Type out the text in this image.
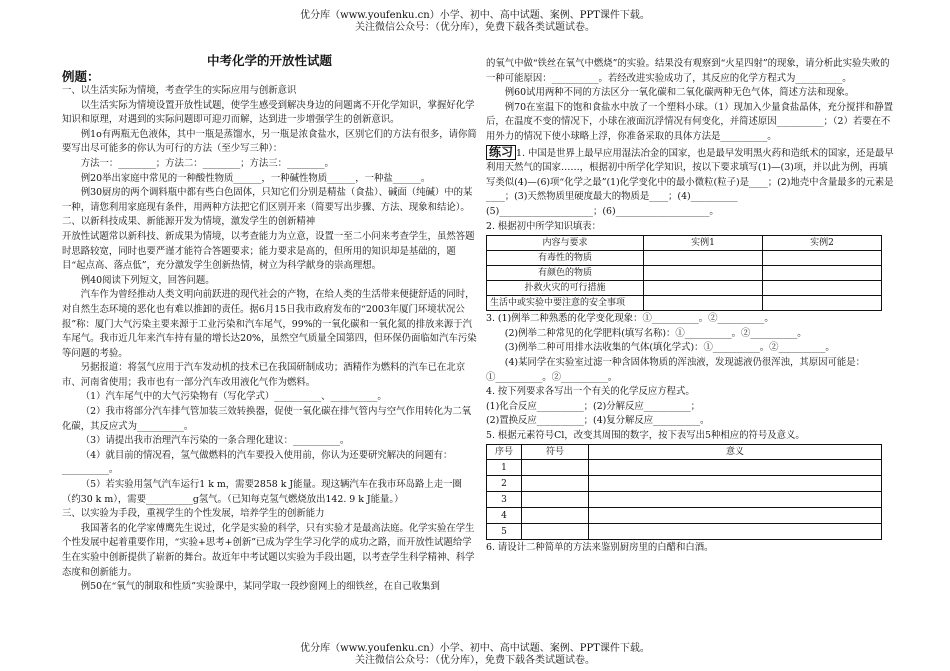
优分库（www.youfenku.cn）小学、初中、高中试题、案例、PPT课件下载。
关注微信公众号：（优分库），免费下载各类试题试卷。
中考化学的开放性试题
例题：

一、以生活实际为情境，考查学生的实际应用与创新意识

以生活实际为情境设置开放性试题，使学生感受到解决身边的问题离不开化学知识，掌握好化学知识和原理，对遇到的实际问题即可迎刃而解，达到进一步增强学生的创新意识。

例1o有两瓶无色液体，其中一瓶是蒸馏水，另一瓶是浓食盐水，区别它们的方法有很多，请你简要写出尽可能多的你认为可行的方法（至少写三种）：

方法一：________；方法二：________；方法三：________。

例20举出家庭中常见的一种酸性物质______，一种碱性物质______，一种盐______。

例30厨房的两个调料瓶中都有些白色固体，只知它们分别是精盐（食盐）、碱面（纯碱）中的某一种，请您利用家庭现有条件，用两种方法把它们区别开来（简要写出步骤、方法、现象和结论）。

二、以新科技成果、新能源开发为情境，激发学生的创新精神

开放性试题常以新科技、新成果为情境，以考查能力为立意，设置一至二小问来考查学生，虽然答题时思路较宽，同时也要严谨才能符合答题要求；能力要求是高的，但所用的知识却是基础的，题目“起点高、落点低”，充分激发学生创新热情，树立为科学献身的崇高理想。

例40阅读下列短文，回答问题。

汽车作为曾经推动人类文明向前跃进的现代社会的产物，在给人类的生活带来便捷舒适的同时，对自然生态环境的恶化也有难以推卸的责任。据6月15日我市政府发布的“2003年厦门环境状况公报”称：厦门大气污染主要来源于工业污染和汽车尾气，99%的一氧化碳和一氧化氮的排放来源于汽车尾气。我市近几年来汽车持有量的增长达20%，虽然空气质量全国第四，但环保仍面临如汽车污染等问题的考验。

另据报道：将氢气应用于汽车发动机的技术已在我国研制成功；酒精作为燃料的汽车已在北京市、河南省使用；我市也有一部分汽车改用液化气作为燃料。

（1）汽车尾气中的大气污染物有（写化学式）__________、__________。

（2）我市将部分汽车排气管加装三效转换器，促使一氧化碳在排气管内与空气作用转化为二氧化碳，其反应式为__________。

（3）请提出我市治理汽车污染的一条合理化建议：__________。

（4）就目前的情况看，氢气做燃料的汽车要投入使用前，你认为还要研究解决的问题有：__________。

（5）若实验用氢气汽车运行1 k m，需要2858 k J能量。现这辆汽车在我市环岛路上走一圈（约30 k m），需要__________g氢气。（已知每克氢气燃烧放出142. 9 k J能量。）

三、以实验为手段，重视学生的个性发展，培养学生的创新能力

我国著名的化学家傅鹰先生说过，化学是实验的科学，只有实验才是最高法庭。化学实验在学生个性发展中起着重要作用，“实验+思考+创新”已成为学生学习化学的成功之路，而开放性试题给学生在实验中创新提供了崭新的舞台。故近年中考试题以实验为手段出题，以考查学生科学精神、科学态度和创新能力。

例50在“氧气的制取和性质”实验课中，某同学取一段纱窗网上的细铁丝，在自己收集到

的氧气中做“铁丝在氧气中燃烧”的实验。结果没有观察到“火星四射”的现象，请分析此实验失败的一种可能原因：__________。若经改进实验成功了，其反应的化学方程式为__________。

例60试用两种不同的方法区分一氧化碳和二氧化碳两种无色气体，简述方法和现象。

例70在室温下的饱和食盐水中放了一个塑料小球。（1）现加入少量食盐晶体，充分搅拌和静置后，在温度不变的情况下，小球在液面沉浮情况有何变化，并简述原因__________；（2）若要在不用外力的情况下使小球略上浮，你准备采取的具体方法是__________。

练习 1. 中国是世界上最早应用湿法冶金的国家，也是最早发明黑火药和造纸术的国家，还是最早利用天然气的国家……，根据初中所学化学知识，按以下要求填写(1)—(3)项，并以此为例，再填写类似(4)—(6)项“化学之最”(1)化学变化中的最小微粒(粒子)是____；(2)地壳中含量最多的元素是____；(3)天然物质里硬度最大的物质是____；(4)__________

(5)____________________；(6)____________________。

2. 根据初中所学知识填表：

内容与要求	实例1	实例2
有毒性的物质		
有颜色的物质		
扑救火灾的可行措施		
生活中或实验中要注意的安全事项		

3. (1)例举二种熟悉的化学变化现象：①__________。②__________。

(2)例举二种常见的化学肥料(填写名称)：①__________。②__________。

(3)例举二种可用排水法收集的气体(填化学式)：①__________。②__________。

(4)某同学在实验室过滤一种含固体物质的浑浊液，发现滤液仍很浑浊，其原因可能是：①__________。②__________。

4. 按下列要求各写出一个有关的化学反应方程式。

(1)化合反应__________；(2)分解反应__________；

(2)置换反应__________；(4)复分解反应__________。

5. 根据元素符号Cl，改变其周围的数字，按下表写出5种相应的符号及意义。

序号	符号	意义
1		
2		
3		
4		
5		

6. 请设计二种简单的方法来鉴别厨房里的白醋和白酒。

优分库（www.youfenku.cn）小学、初中、高中试题、案例、PPT课件下载。
关注微信公众号：（优分库），免费下载各类试题试卷。
